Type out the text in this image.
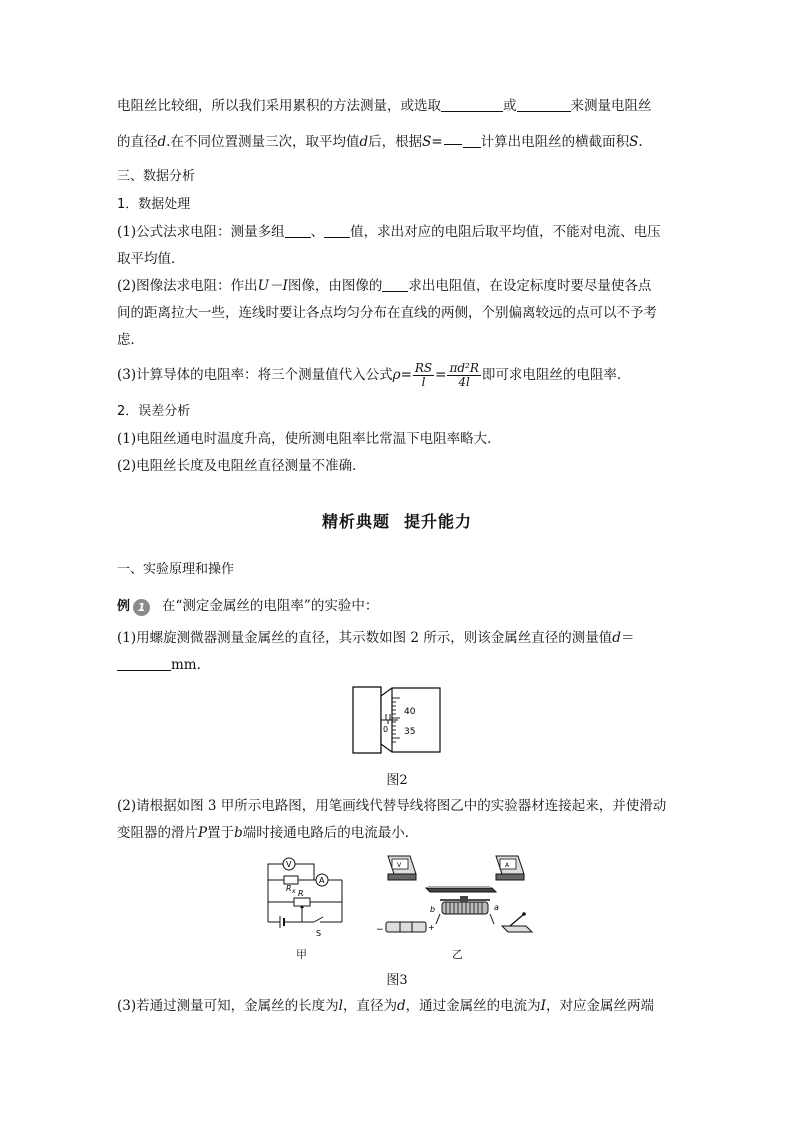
电阻丝比较细，所以我们采用累积的方法测量，或选取	或	来测量电阻丝
的直径d.在不同位置测量三次，取平均值d后，根据S=	计算出电阻丝的横截面积S.
三、数据分析
1．数据处理
(1)公式法求电阻：测量多组 、 值，求出对应的电阻后取平均值，不能对电流、电压
取平均值．
(2)图像法求电阻：作出U－I图像，由图像的 求出电阻值，在设定标度时要尽量使各点
间的距离拉大一些，连线时要让各点均匀分布在直线的两侧，个别偏离较远的点可以不予考
虑．
(3)计算导体的电阻率：将三个测量值代入公式$\rho= \frac{RS}{l} = \frac{\text{πd²R}}{4l}$ 即可求电阻丝的电阻率．
2．误差分析
(1)电阻丝通电时温度升高，使所测电阻率比常温下电阻率略大．
(2)电阻丝长度及电阻丝直径测量不准确．
精析典题 提升能力
一、实验原理和操作
例 1	在“测定金属丝的电阻率”的实验中：
(1)用螺旋测微器测量金属丝的直径，其示数如图 2 所示，则该金属丝直径的测量值d＝
mm.
40
35
0
图2
(2)请根据如图 3 甲所示电路图，用笔画线代替导线将图乙中的实验器材连接起来，并使滑动
变阻器的滑片P置于b端时接通电路后的电流最小．
V
A
R x R
S
甲
V	A
b	a
−	+
乙
图3
(3)若通过测量可知，金属丝的长度为l，直径为d，通过金属丝的电流为I，对应金属丝两端
